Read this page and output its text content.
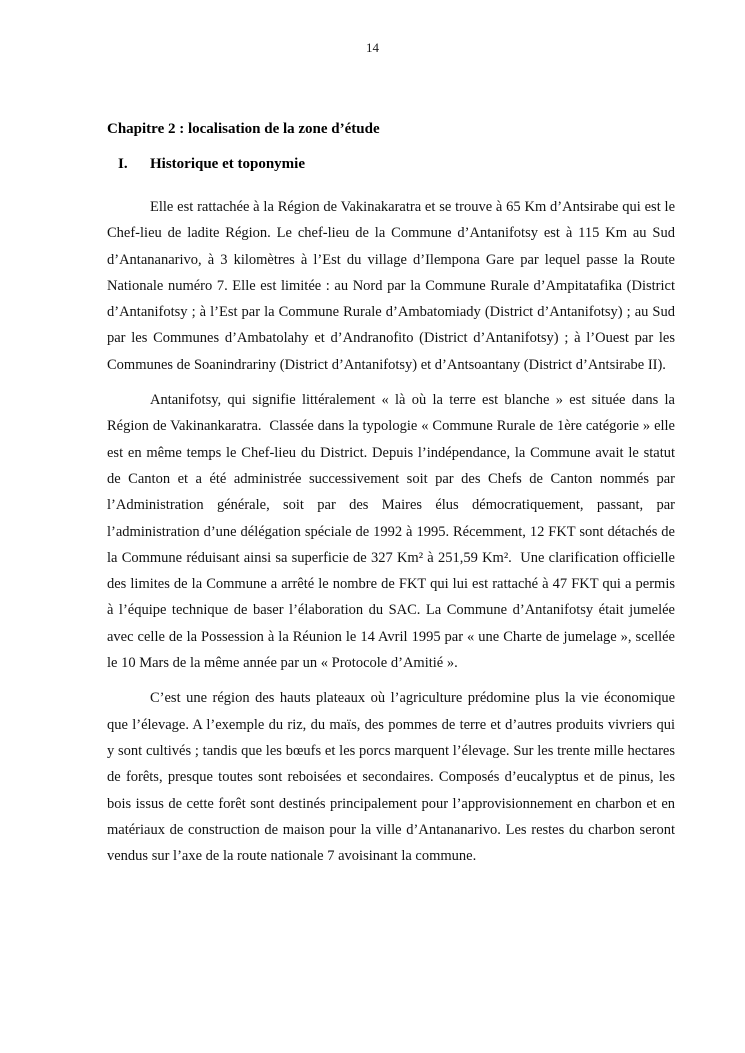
14
Chapitre 2 : localisation de la zone d’étude
I.	Historique et toponymie

Elle est rattachée à la Région de Vakinakaratra et se trouve à 65 Km d’Antsirabe qui est le Chef-lieu de ladite Région. Le chef-lieu de la Commune d’Antanifotsy est à 115 Km au Sud d’Antananarivo, à 3 kilomètres à l’Est du village d’Ilempona Gare par lequel passe la Route Nationale numéro 7. Elle est limitée : au Nord par la Commune Rurale d’Ampitatafika (District d’Antanifotsy ; à l’Est par la Commune Rurale d’Ambatomiady (District d’Antanifotsy) ; au Sud par les Communes d’Ambatolahy et d’Andranofito (District d’Antanifotsy) ; à l’Ouest par les Communes de Soanindrariny (District d’Antanifotsy) et d’Antsoantany (District d’Antsirabe II).

Antanifotsy, qui signifie littéralement « là où la terre est blanche » est située dans la Région de Vakinankaratra.  Classée dans la typologie « Commune Rurale de 1ère catégorie » elle est en même temps le Chef-lieu du District. Depuis l’indépendance, la Commune avait le statut de Canton et a été administrée successivement soit par des Chefs de Canton nommés par l’Administration générale, soit par des Maires élus démocratiquement, passant, par l’administration d’une délégation spéciale de 1992 à 1995. Récemment, 12 FKT sont détachés de la Commune réduisant ainsi sa superficie de 327 Km² à 251,59 Km².  Une clarification officielle des limites de la Commune a arrêté le nombre de FKT qui lui est rattaché à 47 FKT qui a permis à l’équipe technique de baser l’élaboration du SAC. La Commune d’Antanifotsy était jumelée avec celle de la Possession à la Réunion le 14 Avril 1995 par « une Charte de jumelage », scellée le 10 Mars de la même année par un « Protocole d’Amitié ».

C’est une région des hauts plateaux où l’agriculture prédomine plus la vie économique que l’élevage. A l’exemple du riz, du maïs, des pommes de terre et d’autres produits vivriers qui y sont cultivés ; tandis que les bœufs et les porcs marquent l’élevage. Sur les trente mille hectares de forêts, presque toutes sont reboisées et secondaires. Composés d’eucalyptus et de pinus, les bois issus de cette forêt sont destinés principalement pour l’approvisionnement en charbon et en matériaux de construction de maison pour la ville d’Antananarivo. Les restes du charbon seront vendus sur l’axe de la route nationale 7 avoisinant la commune.
